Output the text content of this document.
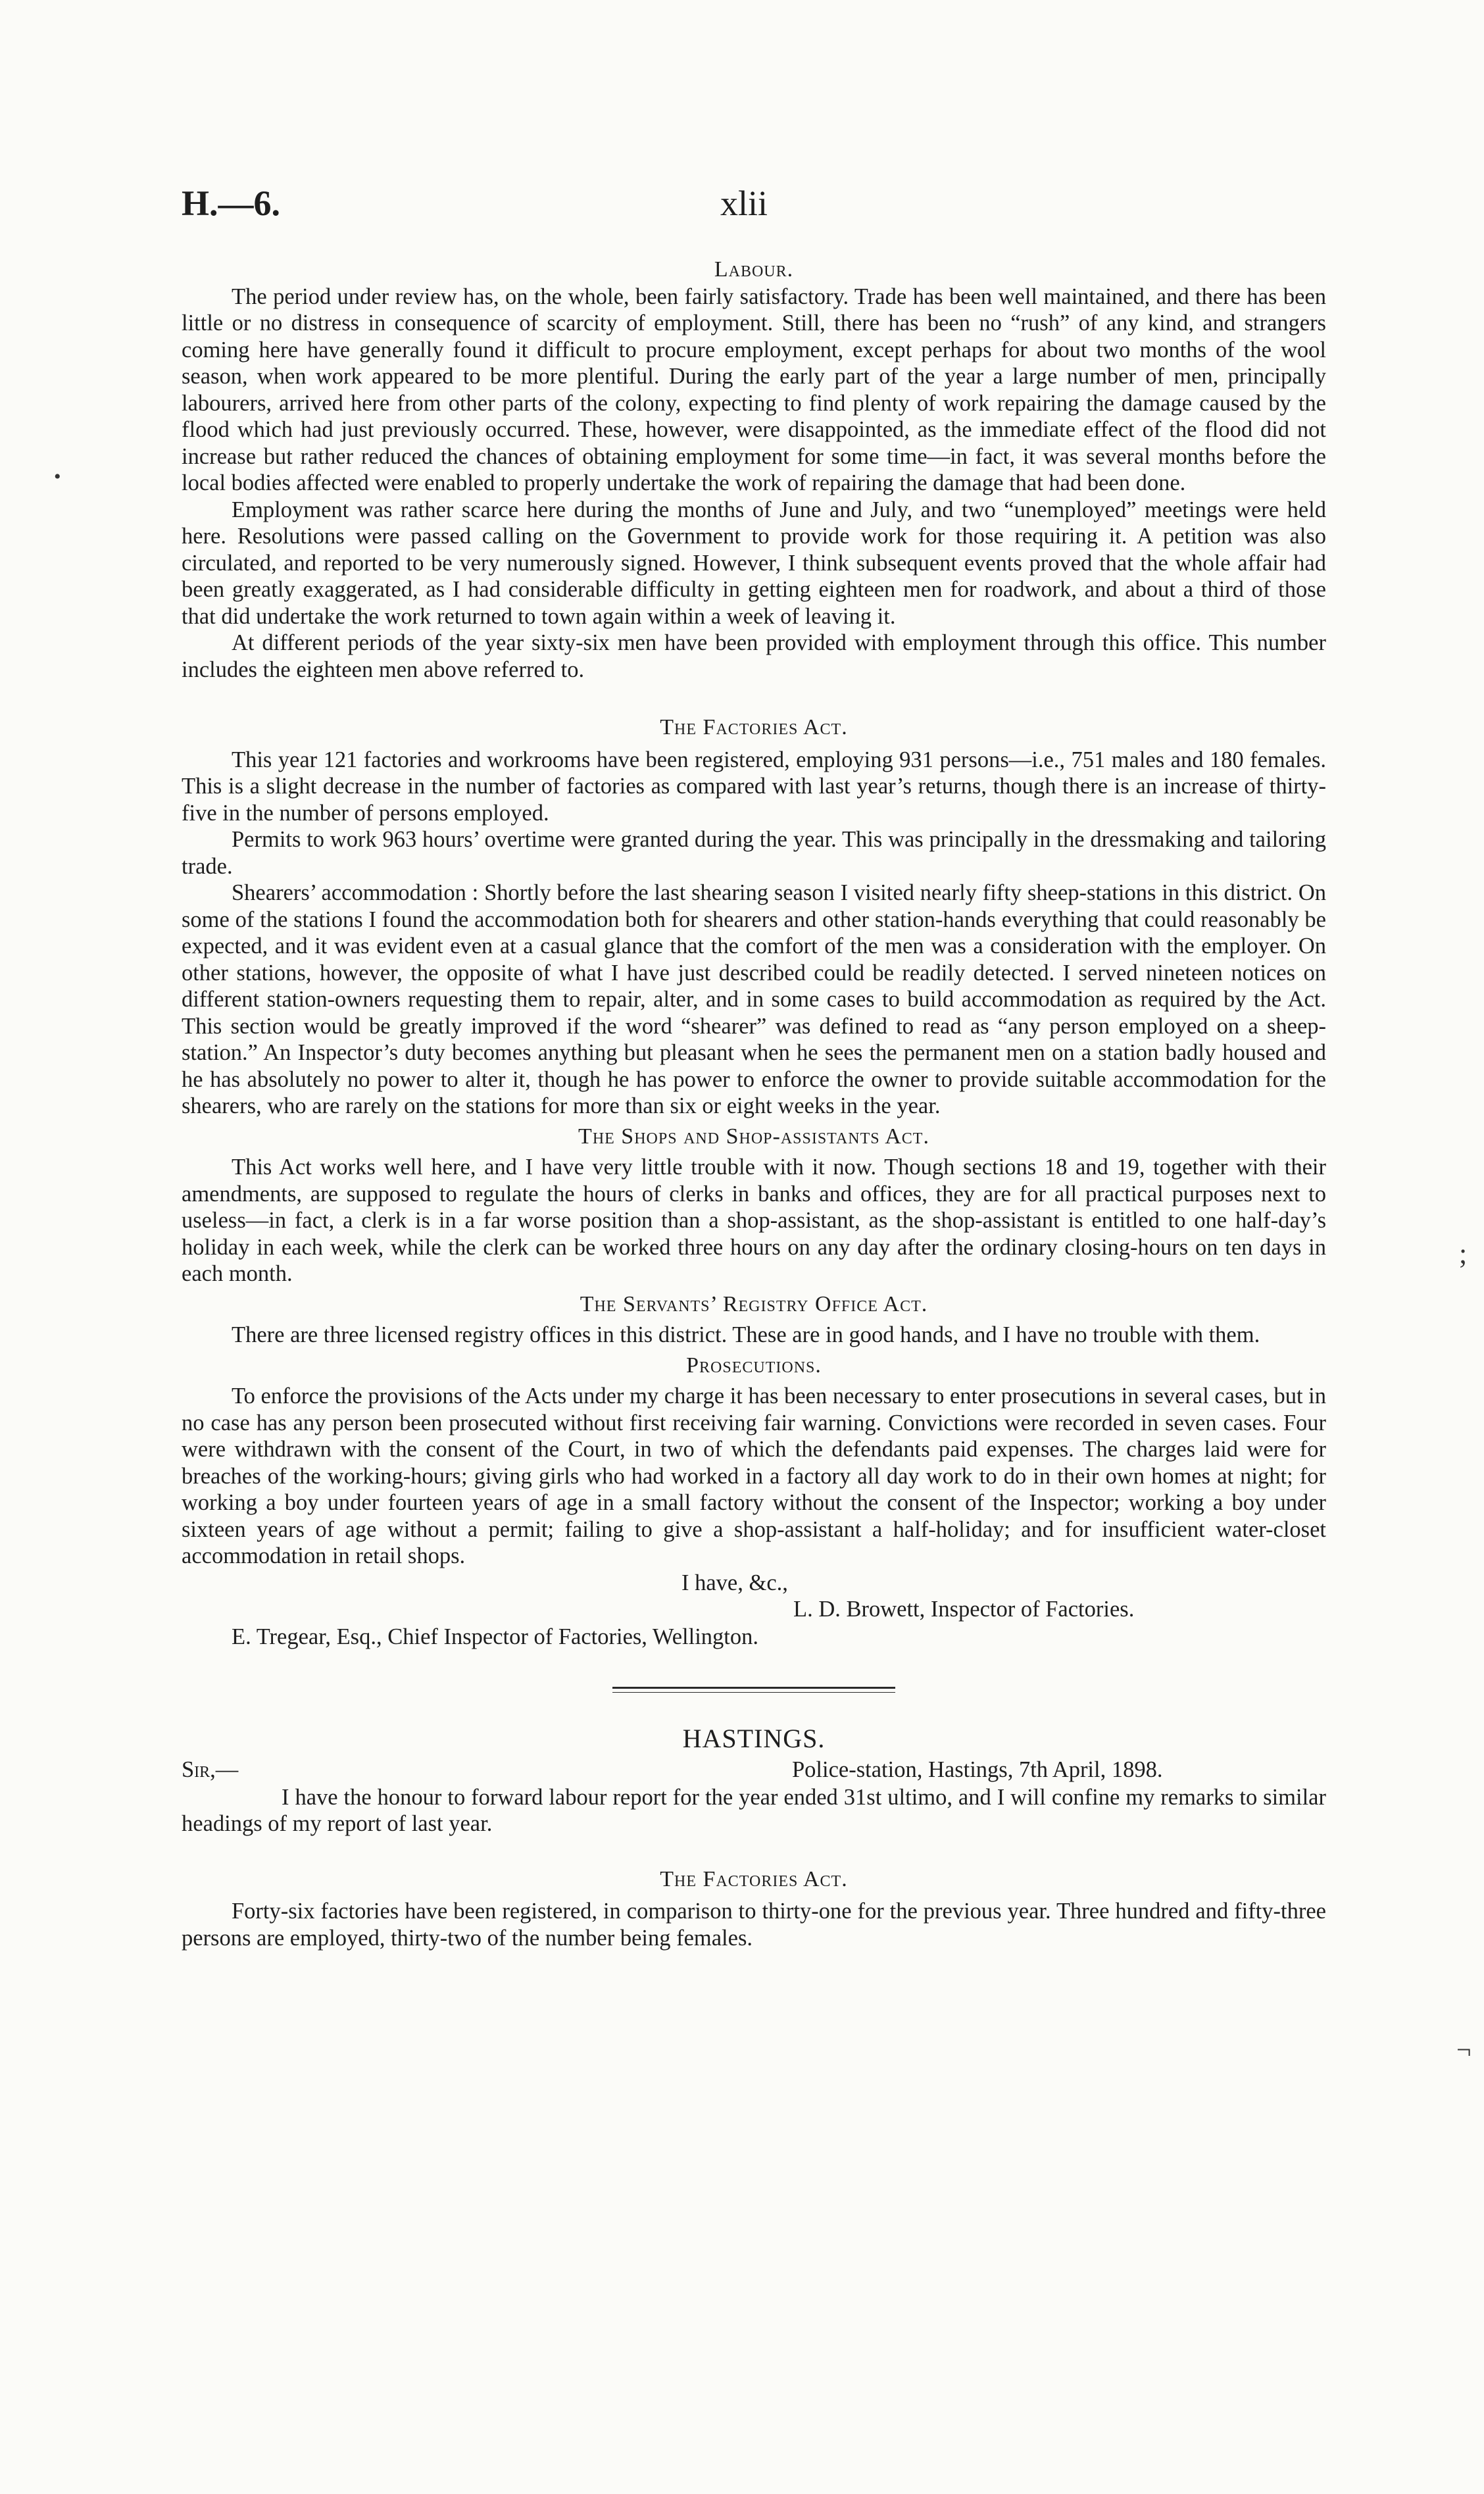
H.—6.	xlii
Labour.

The period under review has, on the whole, been fairly satisfactory. Trade has been well maintained, and there has been little or no distress in consequence of scarcity of employment. Still, there has been no “rush” of any kind, and strangers coming here have generally found it difficult to procure employment, except perhaps for about two months of the wool season, when work appeared to be more plentiful. During the early part of the year a large number of men, principally labourers, arrived here from other parts of the colony, expecting to find plenty of work repairing the damage caused by the flood which had just previously occurred. These, however, were disappointed, as the immediate effect of the flood did not increase but rather reduced the chances of obtaining employment for some time—in fact, it was several months before the local bodies affected were enabled to properly undertake the work of repairing the damage that had been done.

Employment was rather scarce here during the months of June and July, and two “unemployed” meetings were held here. Resolutions were passed calling on the Government to provide work for those requiring it. A petition was also circulated, and reported to be very numerously signed. However, I think subsequent events proved that the whole affair had been greatly exaggerated, as I had considerable difficulty in getting eighteen men for roadwork, and about a third of those that did undertake the work returned to town again within a week of leaving it.

At different periods of the year sixty-six men have been provided with employment through this office. This number includes the eighteen men above referred to.

The Factories Act.

This year 121 factories and workrooms have been registered, employing 931 persons—i.e., 751 males and 180 females. This is a slight decrease in the number of factories as compared with last year’s returns, though there is an increase of thirty-five in the number of persons employed.

Permits to work 963 hours’ overtime were granted during the year. This was principally in the dressmaking and tailoring trade.

Shearers’ accommodation : Shortly before the last shearing season I visited nearly fifty sheep-stations in this district. On some of the stations I found the accommodation both for shearers and other station-hands everything that could reasonably be expected, and it was evident even at a casual glance that the comfort of the men was a consideration with the employer. On other stations, however, the opposite of what I have just described could be readily detected. I served nineteen notices on different station-owners requesting them to repair, alter, and in some cases to build accommodation as required by the Act. This section would be greatly improved if the word “shearer” was defined to read as “any person employed on a sheep-station.” An Inspector’s duty becomes anything but pleasant when he sees the permanent men on a station badly housed and he has absolutely no power to alter it, though he has power to enforce the owner to provide suitable accommodation for the shearers, who are rarely on the stations for more than six or eight weeks in the year.

The Shops and Shop-assistants Act.

This Act works well here, and I have very little trouble with it now. Though sections 18 and 19, together with their amendments, are supposed to regulate the hours of clerks in banks and offices, they are for all practical purposes next to useless—in fact, a clerk is in a far worse position than a shop-assistant, as the shop-assistant is entitled to one half-day’s holiday in each week, while the clerk can be worked three hours on any day after the ordinary closing-hours on ten days in each month.

The Servants’ Registry Office Act.

There are three licensed registry offices in this district. These are in good hands, and I have no trouble with them.

Prosecutions.

To enforce the provisions of the Acts under my charge it has been necessary to enter prosecutions in several cases, but in no case has any person been prosecuted without first receiving fair warning. Convictions were recorded in seven cases. Four were withdrawn with the consent of the Court, in two of which the defendants paid expenses. The charges laid were for breaches of the working-hours; giving girls who had worked in a factory all day work to do in their own homes at night; for working a boy under fourteen years of age in a small factory without the consent of the Inspector; working a boy under sixteen years of age without a permit; failing to give a shop-assistant a half-holiday; and for insufficient water-closet accommodation in retail shops.

I have, &c.,
L. D. Browett, Inspector of Factories.

E. Tregear, Esq., Chief Inspector of Factories, Wellington.

HASTINGS.
Sir,—	Police-station, Hastings, 7th April, 1898.

I have the honour to forward labour report for the year ended 31st ultimo, and I will confine my remarks to similar headings of my report of last year.

The Factories Act.

Forty-six factories have been registered, in comparison to thirty-one for the previous year. Three hundred and fifty-three persons are employed, thirty-two of the number being females.

•
;
¬
